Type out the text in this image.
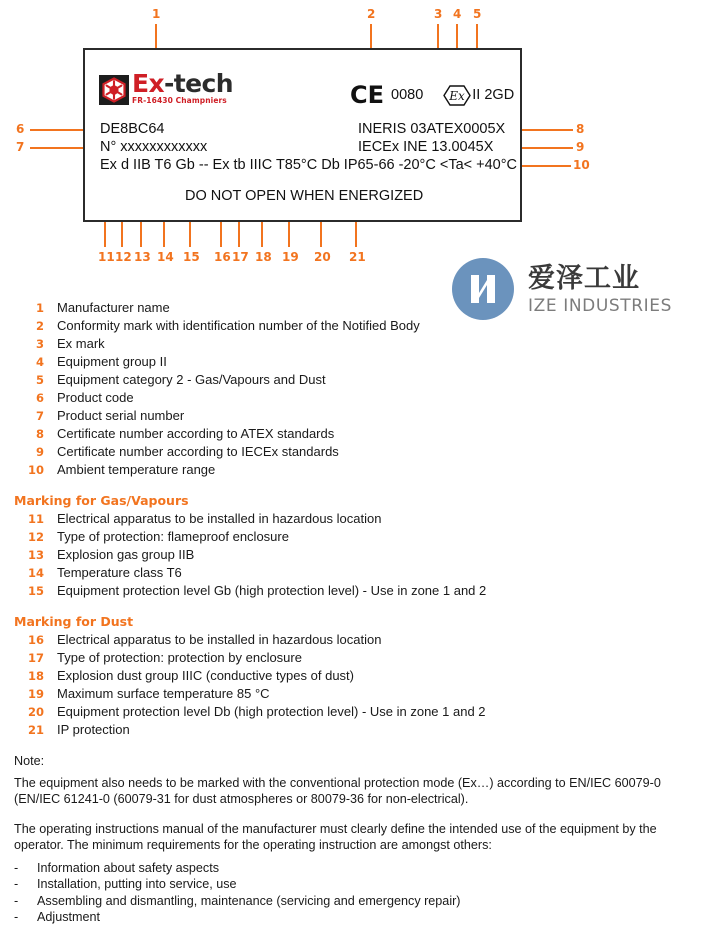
1	2	3 4 5
6
7
8
9
10
11 12 13 14 15 16 17 18 19 20 21
Ex-tech
FR-16430 Champniers	CE 0080 Ex II 2GD
DE8BC64
N° xxxxxxxxxxxx
Ex d IIB T6 Gb -- Ex tb IIIC T85°C Db IP65-66 -20°C <Ta< +40°C
INERIS 03ATEX0005X
IECEx INE 13.0045X
DO NOT OPEN WHEN ENERGIZED
爱泽工业
IZE INDUSTRIES
1 Manufacturer name
2 Conformity mark with identification number of the Notified Body
3 Ex mark
4 Equipment group II
5 Equipment category 2 - Gas/Vapours and Dust
6 Product code
7 Product serial number
8 Certificate number according to ATEX standards
9 Certificate number according to IECEx standards
10 Ambient temperature range
Marking for Gas/Vapours
11 Electrical apparatus to be installed in hazardous location
12 Type of protection: flameproof enclosure
13 Explosion gas group IIB
14 Temperature class T6
15 Equipment protection level Gb (high protection level) - Use in zone 1 and 2
Marking for Dust
16 Electrical apparatus to be installed in hazardous location
17 Type of protection: protection by enclosure
18 Explosion dust group IIIC (conductive types of dust)
19 Maximum surface temperature 85 °C
20 Equipment protection level Db (high protection level) - Use in zone 1 and 2
21 IP protection

Note:

The equipment also needs to be marked with the conventional protection mode (Ex…) according to EN/IEC 60079-0

(EN/IEC 61241-0 (60079-31 for dust atmospheres or 80079-36 for non-electrical).

The operating instructions manual of the manufacturer must clearly define the intended use of the equipment by the

operator. The minimum requirements for the operating instruction are amongst others:

-	Information about safety aspects
-	Installation, putting into service, use
-	Assembling and dismantling, maintenance (servicing and emergency repair)
-	Adjustment
